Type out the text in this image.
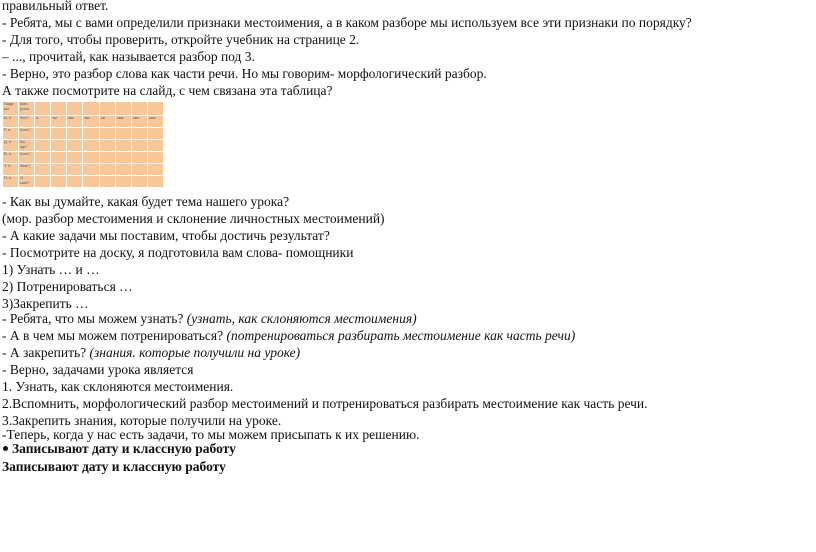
правильный ответ.
- Ребята, мы с вами определили признаки местоимения, а в каком разборе мы используем все эти признаки по порядку?
- Для того, чтобы проверить, откройте учебник на странице 2.
– ..., прочитай, как называется разбор под 3.
- Верно, это разбор слова как части речи. Но мы говорим- морфологический разбор.
А также посмотрите на слайд, с чем связана эта таблица?
Паде жи	Воп- росы								
И. п.	Кто?	я	ты	мы	вы	он	она	оно	они
Р. п.	Кого?								
Д. п.	Ко- му?								
В. п.	Кого?								
Т. п.	Кем?								
П. п.	О ком?								
- Как вы думайте, какая будет тема нашего урока?
(мор. разбор местоимения и склонение личностных местоимений)
- А какие задачи мы поставим, чтобы достичь результат?
- Посмотрите на доску, я подготовила вам слова- помощники
1) Узнать … и …
2) Потренироваться …
3)Закрепить …
- Ребята, что мы можем узнать? (узнать, как склоняются местоимения)
- А в чем мы можем потренироваться? (потренироваться разбирать местоимение как часть речи)
- А закрепить? (знания. которые получили на уроке)
- Верно, задачами урока является
1. Узнать, как склоняются местоимения.
2.Вспомнить, морфологический разбор местоимений и потренироваться разбирать местоимение как часть речи.
3.Закрепить знания, которые получили на уроке.
-Теперь, когда у нас есть задачи, то мы можем присыпать к их решению.
Записывают дату и классную работу
Записывают дату и классную работу
